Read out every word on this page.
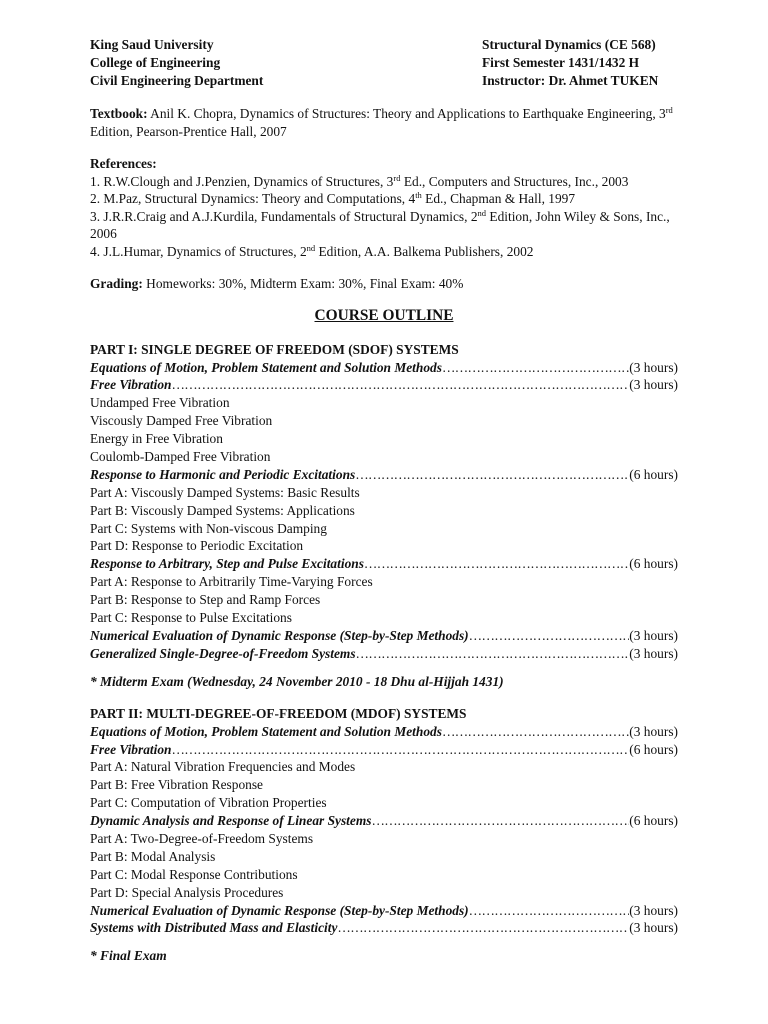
King Saud University
College of Engineering
Civil Engineering Department
Structural Dynamics (CE 568)
First Semester 1431/1432 H
Instructor: Dr. Ahmet TUKEN
Textbook: Anil K. Chopra, Dynamics of Structures: Theory and Applications to Earthquake Engineering, 3rd Edition, Pearson-Prentice Hall, 2007
References:
1. R.W.Clough and J.Penzien, Dynamics of Structures, 3rd Ed., Computers and Structures, Inc., 2003
2. M.Paz, Structural Dynamics: Theory and Computations, 4th Ed., Chapman & Hall, 1997
3. J.R.R.Craig and A.J.Kurdila, Fundamentals of Structural Dynamics, 2nd Edition, John Wiley & Sons, Inc., 2006
4. J.L.Humar, Dynamics of Structures, 2nd Edition, A.A. Balkema Publishers, 2002
Grading: Homeworks: 30%, Midterm Exam: 30%, Final Exam: 40%
COURSE OUTLINE
PART I: SINGLE DEGREE OF FREEDOM (SDOF) SYSTEMS
Equations of Motion, Problem Statement and Solution Methods …………………………………………………………………………………………………………………………………………………………………………………	(3 hours)
Free Vibration …………………………………………………………………………………………………………………………………………………………………………………	(3 hours)
Undamped Free Vibration
Viscously Damped Free Vibration
Energy in Free Vibration
Coulomb-Damped Free Vibration
Response to Harmonic and Periodic Excitations …………………………………………………………………………………………………………………………………………………………………………………	(6 hours)
Part A: Viscously Damped Systems: Basic Results
Part B: Viscously Damped Systems: Applications
Part C: Systems with Non-viscous Damping
Part D: Response to Periodic Excitation
Response to Arbitrary, Step and Pulse Excitations …………………………………………………………………………………………………………………………………………………………………………………	(6 hours)
Part A: Response to Arbitrarily Time-Varying Forces
Part B: Response to Step and Ramp Forces
Part C: Response to Pulse Excitations
Numerical Evaluation of Dynamic Response (Step-by-Step Methods) …………………………………………………………………………………………………………………………………………………………………………………	(3 hours)
Generalized Single-Degree-of-Freedom Systems …………………………………………………………………………………………………………………………………………………………………………………	(3 hours)
* Midterm Exam (Wednesday, 24 November 2010 - 18 Dhu al-Hijjah 1431)
PART II: MULTI-DEGREE-OF-FREEDOM (MDOF) SYSTEMS
Equations of Motion, Problem Statement and Solution Methods …………………………………………………………………………………………………………………………………………………………………………………	(3 hours)
Free Vibration …………………………………………………………………………………………………………………………………………………………………………………	(6 hours)
Part A: Natural Vibration Frequencies and Modes
Part B: Free Vibration Response
Part C: Computation of Vibration Properties
Dynamic Analysis and Response of Linear Systems …………………………………………………………………………………………………………………………………………………………………………………	(6 hours)
Part A: Two-Degree-of-Freedom Systems
Part B: Modal Analysis
Part C: Modal Response Contributions
Part D: Special Analysis Procedures
Numerical Evaluation of Dynamic Response (Step-by-Step Methods) …………………………………………………………………………………………………………………………………………………………………………………	(3 hours)
Systems with Distributed Mass and Elasticity …………………………………………………………………………………………………………………………………………………………………………………	(3 hours)
* Final Exam
